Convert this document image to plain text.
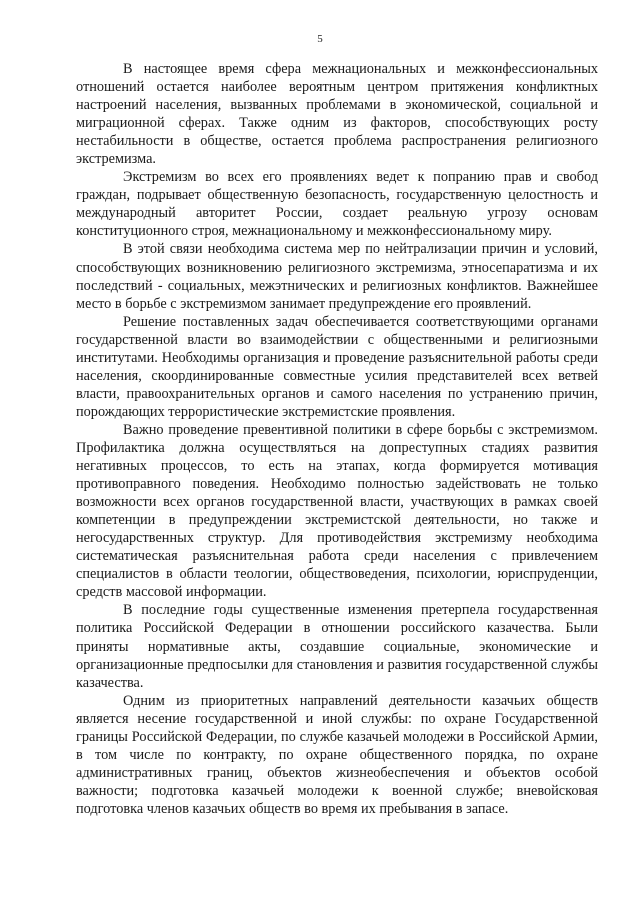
5

В настоящее время сфера межнациональных и межконфессиональных отношений остается наиболее вероятным центром притяжения конфликтных настроений населения, вызванных проблемами в экономической, социальной и миграционной сферах. Также одним из факторов, способствующих росту нестабильности в обществе, остается проблема распространения религиозного экстремизма.

Экстремизм во всех его проявлениях ведет к попранию прав и свобод граждан, подрывает общественную безопасность, государственную целостность и международный авторитет России, создает реальную угрозу основам конституционного строя, межнациональному и межконфессиональному миру.

В этой связи необходима система мер по нейтрализации причин и условий, способствующих возникновению религиозного экстремизма, этносепаратизма и их последствий - социальных, межэтнических и религиозных конфликтов. Важнейшее место в борьбе с экстремизмом занимает предупреждение его проявлений.

Решение поставленных задач обеспечивается соответствующими органами государственной власти во взаимодействии с общественными и религиозными институтами. Необходимы организация и проведение разъяснительной работы среди населения, скоординированные совместные усилия представителей всех ветвей власти, правоохранительных органов и самого населения по устранению причин, порождающих террористические экстремистские проявления.

Важно проведение превентивной политики в сфере борьбы с экстремизмом. Профилактика должна осуществляться на допреступных стадиях развития негативных процессов, то есть на этапах, когда формируется мотивация противоправного поведения. Необходимо полностью задействовать не только возможности всех органов государственной власти, участвующих в рамках своей компетенции в предупреждении экстремистской деятельности, но также и негосударственных структур. Для противодействия экстремизму необходима систематическая разъяснительная работа среди населения с привлечением специалистов в области теологии, обществоведения, психологии, юриспруденции, средств массовой информации.

В последние годы существенные изменения претерпела государственная политика Российской Федерации в отношении российского казачества. Были приняты нормативные акты, создавшие социальные, экономические и организационные предпосылки для становления и развития государственной службы казачества.

Одним из приоритетных направлений деятельности казачьих обществ является несение государственной и иной службы: по охране Государственной границы Российской Федерации, по службе казачьей молодежи в Российской Армии, в том числе по контракту, по охране общественного порядка, по охране административных границ, объектов жизнеобеспечения и объектов особой важности; подготовка казачьей молодежи к военной службе; вневойсковая подготовка членов казачьих обществ во время их пребывания в запасе.
